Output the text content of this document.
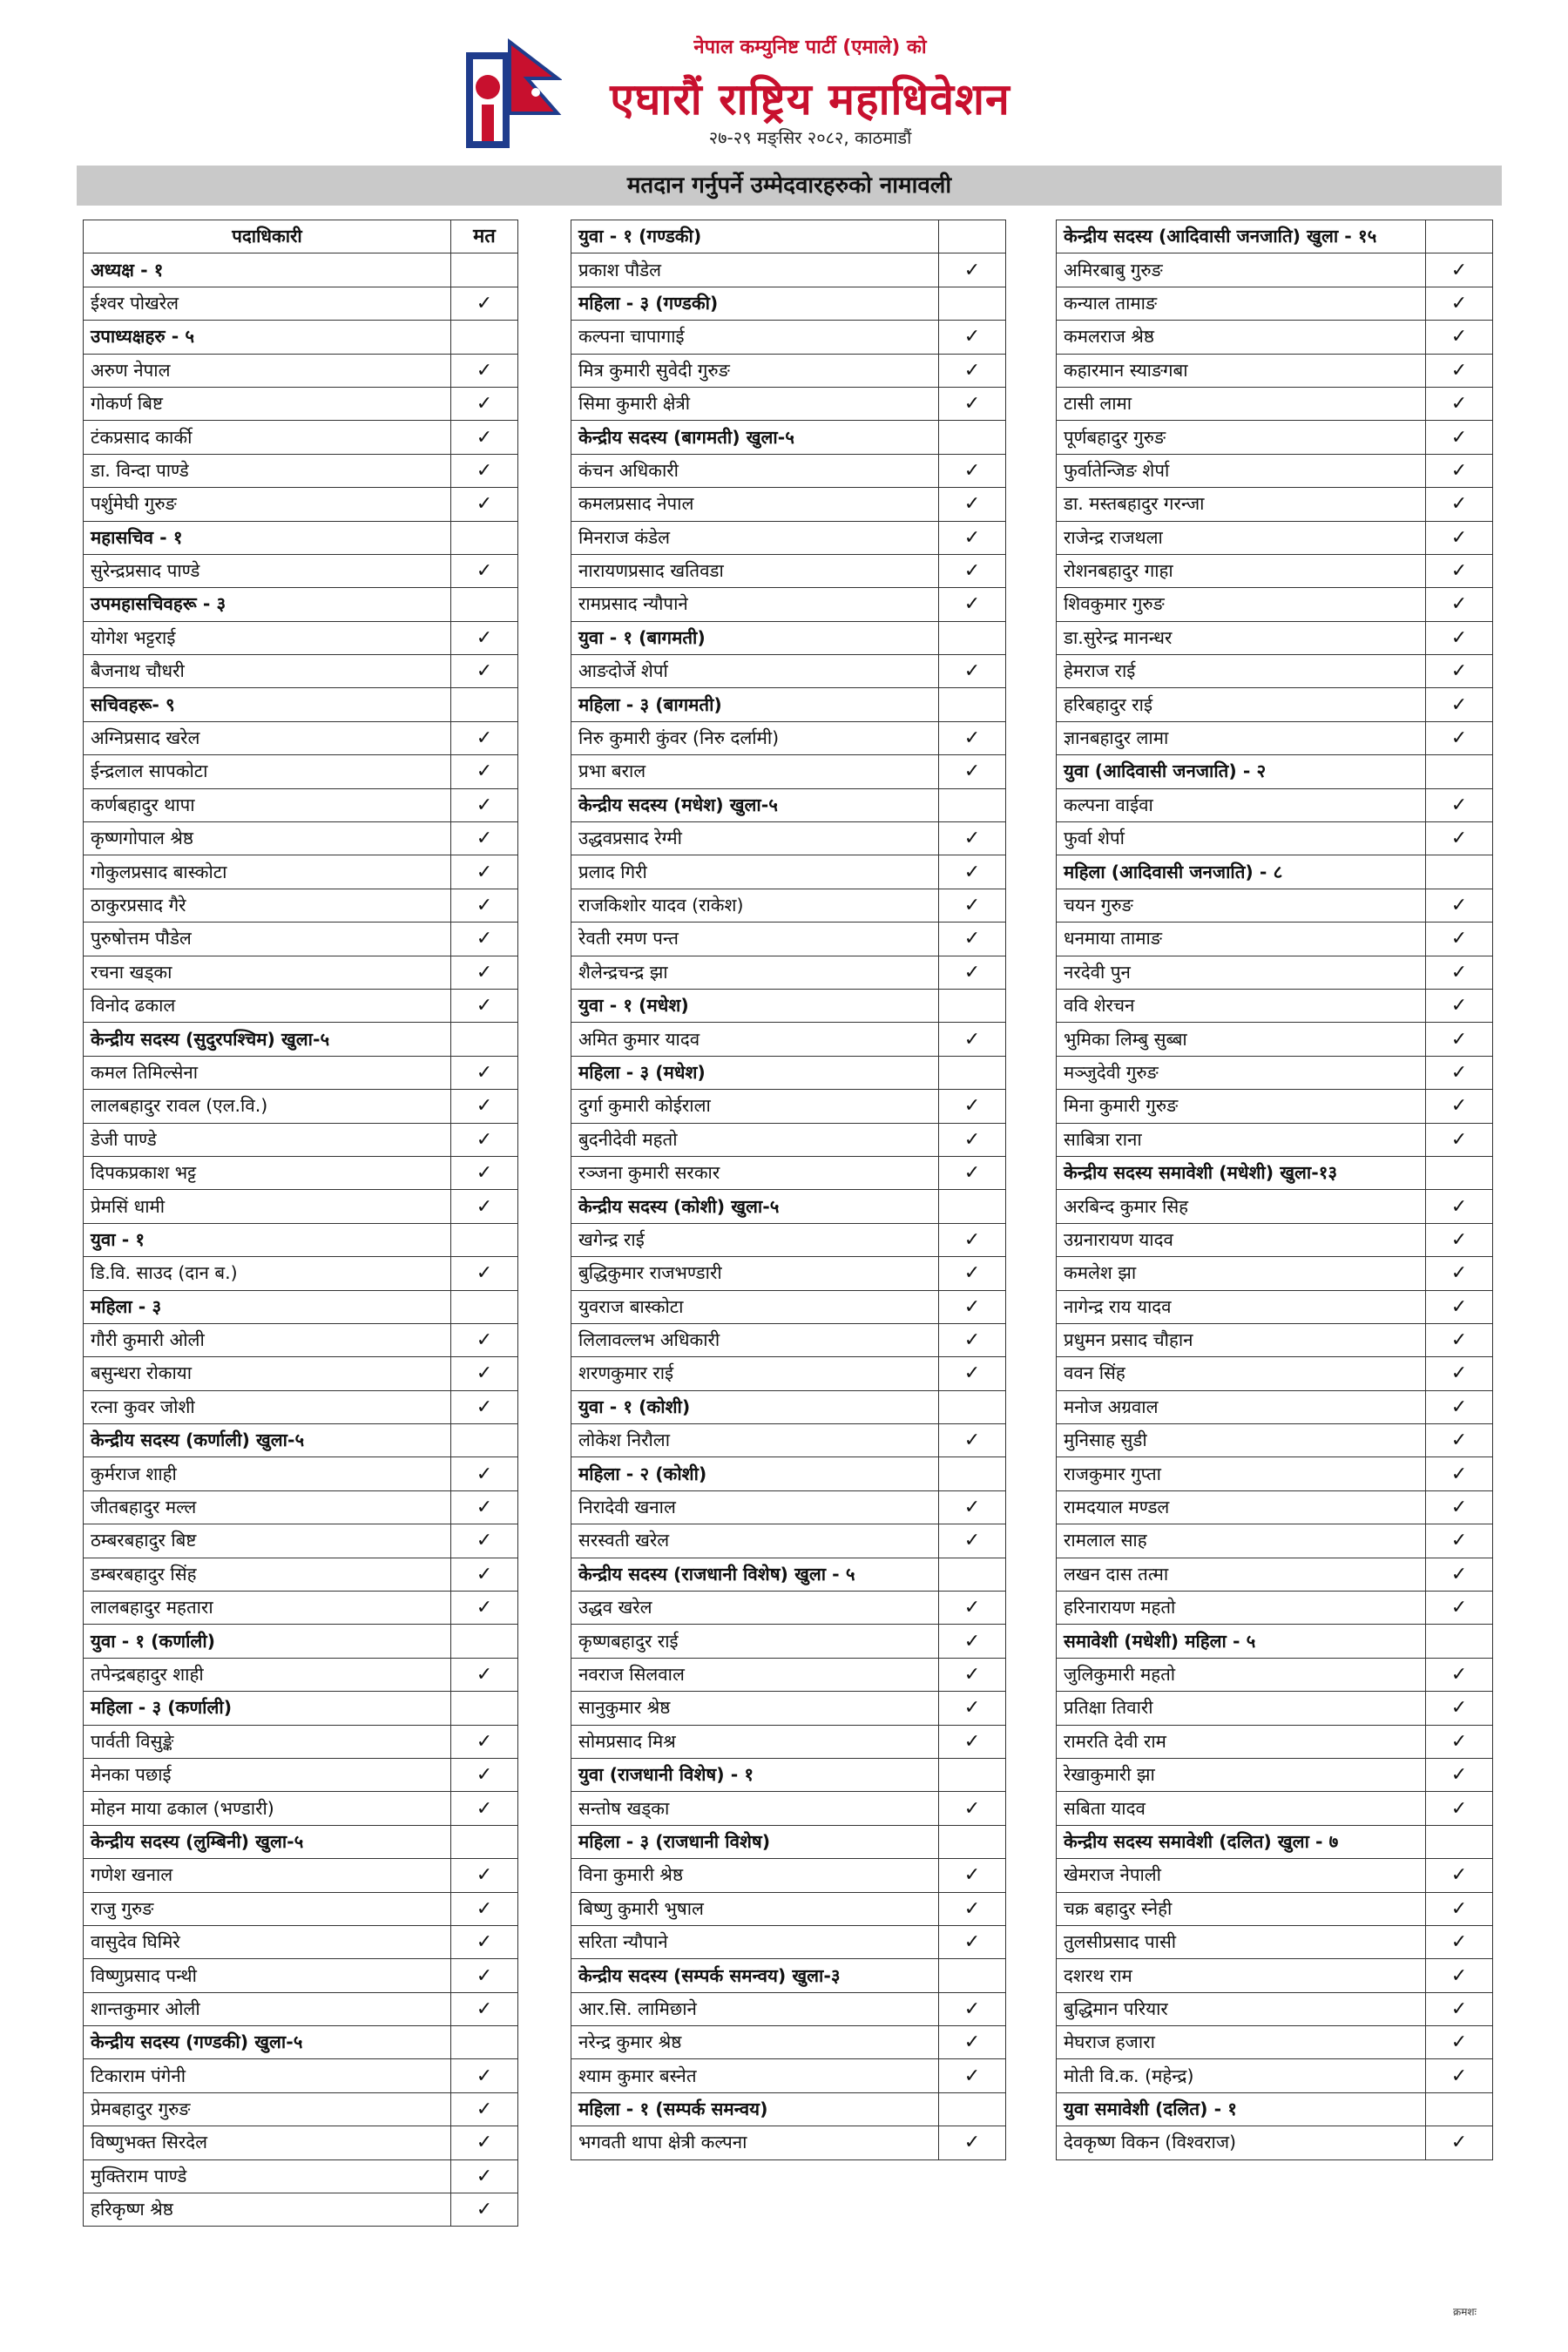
नेपाल कम्युनिष्ट पार्टी (एमाले) को
एघारौं राष्ट्रिय महाधिवेशन
२७-२९ मङ्सिर २०८२, काठमाडौं
मतदान गर्नुपर्ने उम्मेदवारहरुको नामावली
पदाधिकारी	मत
अध्यक्ष - १	
ईश्वर पोखरेल	✓
उपाध्यक्षहरु - ५	
अरुण नेपाल	✓
गोकर्ण बिष्ट	✓
टंकप्रसाद कार्की	✓
डा. विन्दा पाण्डे	✓
पर्शुमेघी गुरुङ	✓
महासचिव - १	
सुरेन्द्रप्रसाद पाण्डे	✓
उपमहासचिवहरू - ३	
योगेश भट्टराई	✓
बैजनाथ चौधरी	✓
सचिवहरू- ९	
अग्निप्रसाद खरेल	✓
ईन्द्रलाल सापकोटा	✓
कर्णबहादुर थापा	✓
कृष्णगोपाल श्रेष्ठ	✓
गोकुलप्रसाद बास्कोटा	✓
ठाकुरप्रसाद गैरे	✓
पुरुषोत्तम पौडेल	✓
रचना खड्का	✓
विनोद ढकाल	✓
केन्द्रीय सदस्य (सुदुरपश्चिम) खुला-५	
कमल तिमिल्सेना	✓
लालबहादुर रावल (एल.वि.)	✓
डेजी पाण्डे	✓
दिपकप्रकाश भट्ट	✓
प्रेमसिं धामी	✓
युवा - १	
डि.वि. साउद (दान ब.)	✓
महिला - ३	
गौरी कुमारी ओली	✓
बसुन्धरा रोकाया	✓
रत्ना कुवर जोशी	✓
केन्द्रीय सदस्य (कर्णाली) खुला-५	
कुर्मराज शाही	✓
जीतबहादुर मल्ल	✓
ठम्बरबहादुर बिष्ट	✓
डम्बरबहादुर सिंह	✓
लालबहादुर महतारा	✓
युवा - १ (कर्णाली)	
तपेन्द्रबहादुर शाही	✓
महिला - ३ (कर्णाली)	
पार्वती विसुङ्के	✓
मेनका पछाई	✓
मोहन माया ढकाल (भण्डारी)	✓
केन्द्रीय सदस्य (लुम्बिनी) खुला-५	
गणेश खनाल	✓
राजु गुरुङ	✓
वासुदेव घिमिरे	✓
विष्णुप्रसाद पन्थी	✓
शान्तकुमार ओली	✓
केन्द्रीय सदस्य (गण्डकी) खुला-५	
टिकाराम पंगेनी	✓
प्रेमबहादुर गुरुङ	✓
विष्णुभक्त सिरदेल	✓
मुक्तिराम पाण्डे	✓
हरिकृष्ण श्रेष्ठ	✓
युवा - १ (गण्डकी)	
प्रकाश पौडेल	✓
महिला - ३ (गण्डकी)	
कल्पना चापागाई	✓
मित्र कुमारी सुवेदी गुरुङ	✓
सिमा कुमारी क्षेत्री	✓
केन्द्रीय सदस्य (बागमती) खुला-५	
कंचन अधिकारी	✓
कमलप्रसाद नेपाल	✓
मिनराज कंडेल	✓
नारायणप्रसाद खतिवडा	✓
रामप्रसाद न्यौपाने	✓
युवा - १ (बागमती)	
आङदोर्जे शेर्पा	✓
महिला - ३ (बागमती)	
निरु कुमारी कुंवर (निरु दर्लामी)	✓
प्रभा बराल	✓
केन्द्रीय सदस्य (मधेश) खुला-५	
उद्धवप्रसाद रेग्मी	✓
प्रलाद गिरी	✓
राजकिशोर यादव (राकेश)	✓
रेवती रमण पन्त	✓
शैलेन्द्रचन्द्र झा	✓
युवा - १ (मधेश)	
अमित कुमार यादव	✓
महिला - ३ (मधेश)	
दुर्गा कुमारी कोईराला	✓
बुदनीदेवी महतो	✓
रञ्जना कुमारी सरकार	✓
केन्द्रीय सदस्य (कोशी) खुला-५	
खगेन्द्र राई	✓
बुद्धिकुमार राजभण्डारी	✓
युवराज बास्कोटा	✓
लिलावल्लभ अधिकारी	✓
शरणकुमार राई	✓
युवा - १ (कोशी)	
लोकेश निरौला	✓
महिला - २ (कोशी)	
निरादेवी खनाल	✓
सरस्वती खरेल	✓
केन्द्रीय सदस्य (राजधानी विशेष) खुला - ५	
उद्धव खरेल	✓
कृष्णबहादुर राई	✓
नवराज सिलवाल	✓
सानुकुमार श्रेष्ठ	✓
सोमप्रसाद मिश्र	✓
युवा (राजधानी विशेष) - १	
सन्तोष खड्का	✓
महिला - ३ (राजधानी विशेष)	
विना कुमारी श्रेष्ठ	✓
बिष्णु कुमारी भुषाल	✓
सरिता न्यौपाने	✓
केन्द्रीय सदस्य (सम्पर्क समन्वय) खुला-३	
आर.सि. लामिछाने	✓
नरेन्द्र कुमार श्रेष्ठ	✓
श्याम कुमार बस्नेत	✓
महिला - १ (सम्पर्क समन्वय)	
भगवती थापा क्षेत्री कल्पना	✓
केन्द्रीय सदस्य (आदिवासी जनजाति) खुला - १५	
अमिरबाबु गुरुङ	✓
कन्याल तामाङ	✓
कमलराज श्रेष्ठ	✓
कहारमान स्याङगबा	✓
टासी लामा	✓
पूर्णबहादुर गुरुङ	✓
फुर्वातेन्जिङ शेर्पा	✓
डा. मस्तबहादुर गरन्जा	✓
राजेन्द्र राजथला	✓
रोशनबहादुर गाहा	✓
शिवकुमार गुरुङ	✓
डा.सुरेन्द्र मानन्धर	✓
हेमराज राई	✓
हरिबहादुर राई	✓
ज्ञानबहादुर लामा	✓
युवा (आदिवासी जनजाति) - २	
कल्पना वाईवा	✓
फुर्वा शेर्पा	✓
महिला (आदिवासी जनजाति) - ८	
चयन गुरुङ	✓
धनमाया तामाङ	✓
नरदेवी पुन	✓
ववि शेरचन	✓
भुमिका लिम्बु सुब्बा	✓
मञ्जुदेवी गुरुङ	✓
मिना कुमारी गुरुङ	✓
साबित्रा राना	✓
केन्द्रीय सदस्य समावेशी (मधेशी) खुला-१३	
अरबिन्द कुमार सिह	✓
उग्रनारायण यादव	✓
कमलेश झा	✓
नागेन्द्र राय यादव	✓
प्रधुमन प्रसाद चौहान	✓
ववन सिंह	✓
मनोज अग्रवाल	✓
मुनिसाह सुडी	✓
राजकुमार गुप्ता	✓
रामदयाल मण्डल	✓
रामलाल साह	✓
लखन दास तत्मा	✓
हरिनारायण महतो	✓
समावेशी (मधेशी) महिला - ५	
जुलिकुमारी महतो	✓
प्रतिक्षा तिवारी	✓
रामरति देवी राम	✓
रेखाकुमारी झा	✓
सबिता यादव	✓
केन्द्रीय सदस्य समावेशी (दलित) खुला - ७	
खेमराज नेपाली	✓
चक्र बहादुर स्नेही	✓
तुलसीप्रसाद पासी	✓
दशरथ राम	✓
बुद्धिमान परियार	✓
मेघराज हजारा	✓
मोती वि.क. (महेन्द्र)	✓
युवा समावेशी (दलित) - १	
देवकृष्ण विकन (विश्वराज)	✓
क्रमशः
